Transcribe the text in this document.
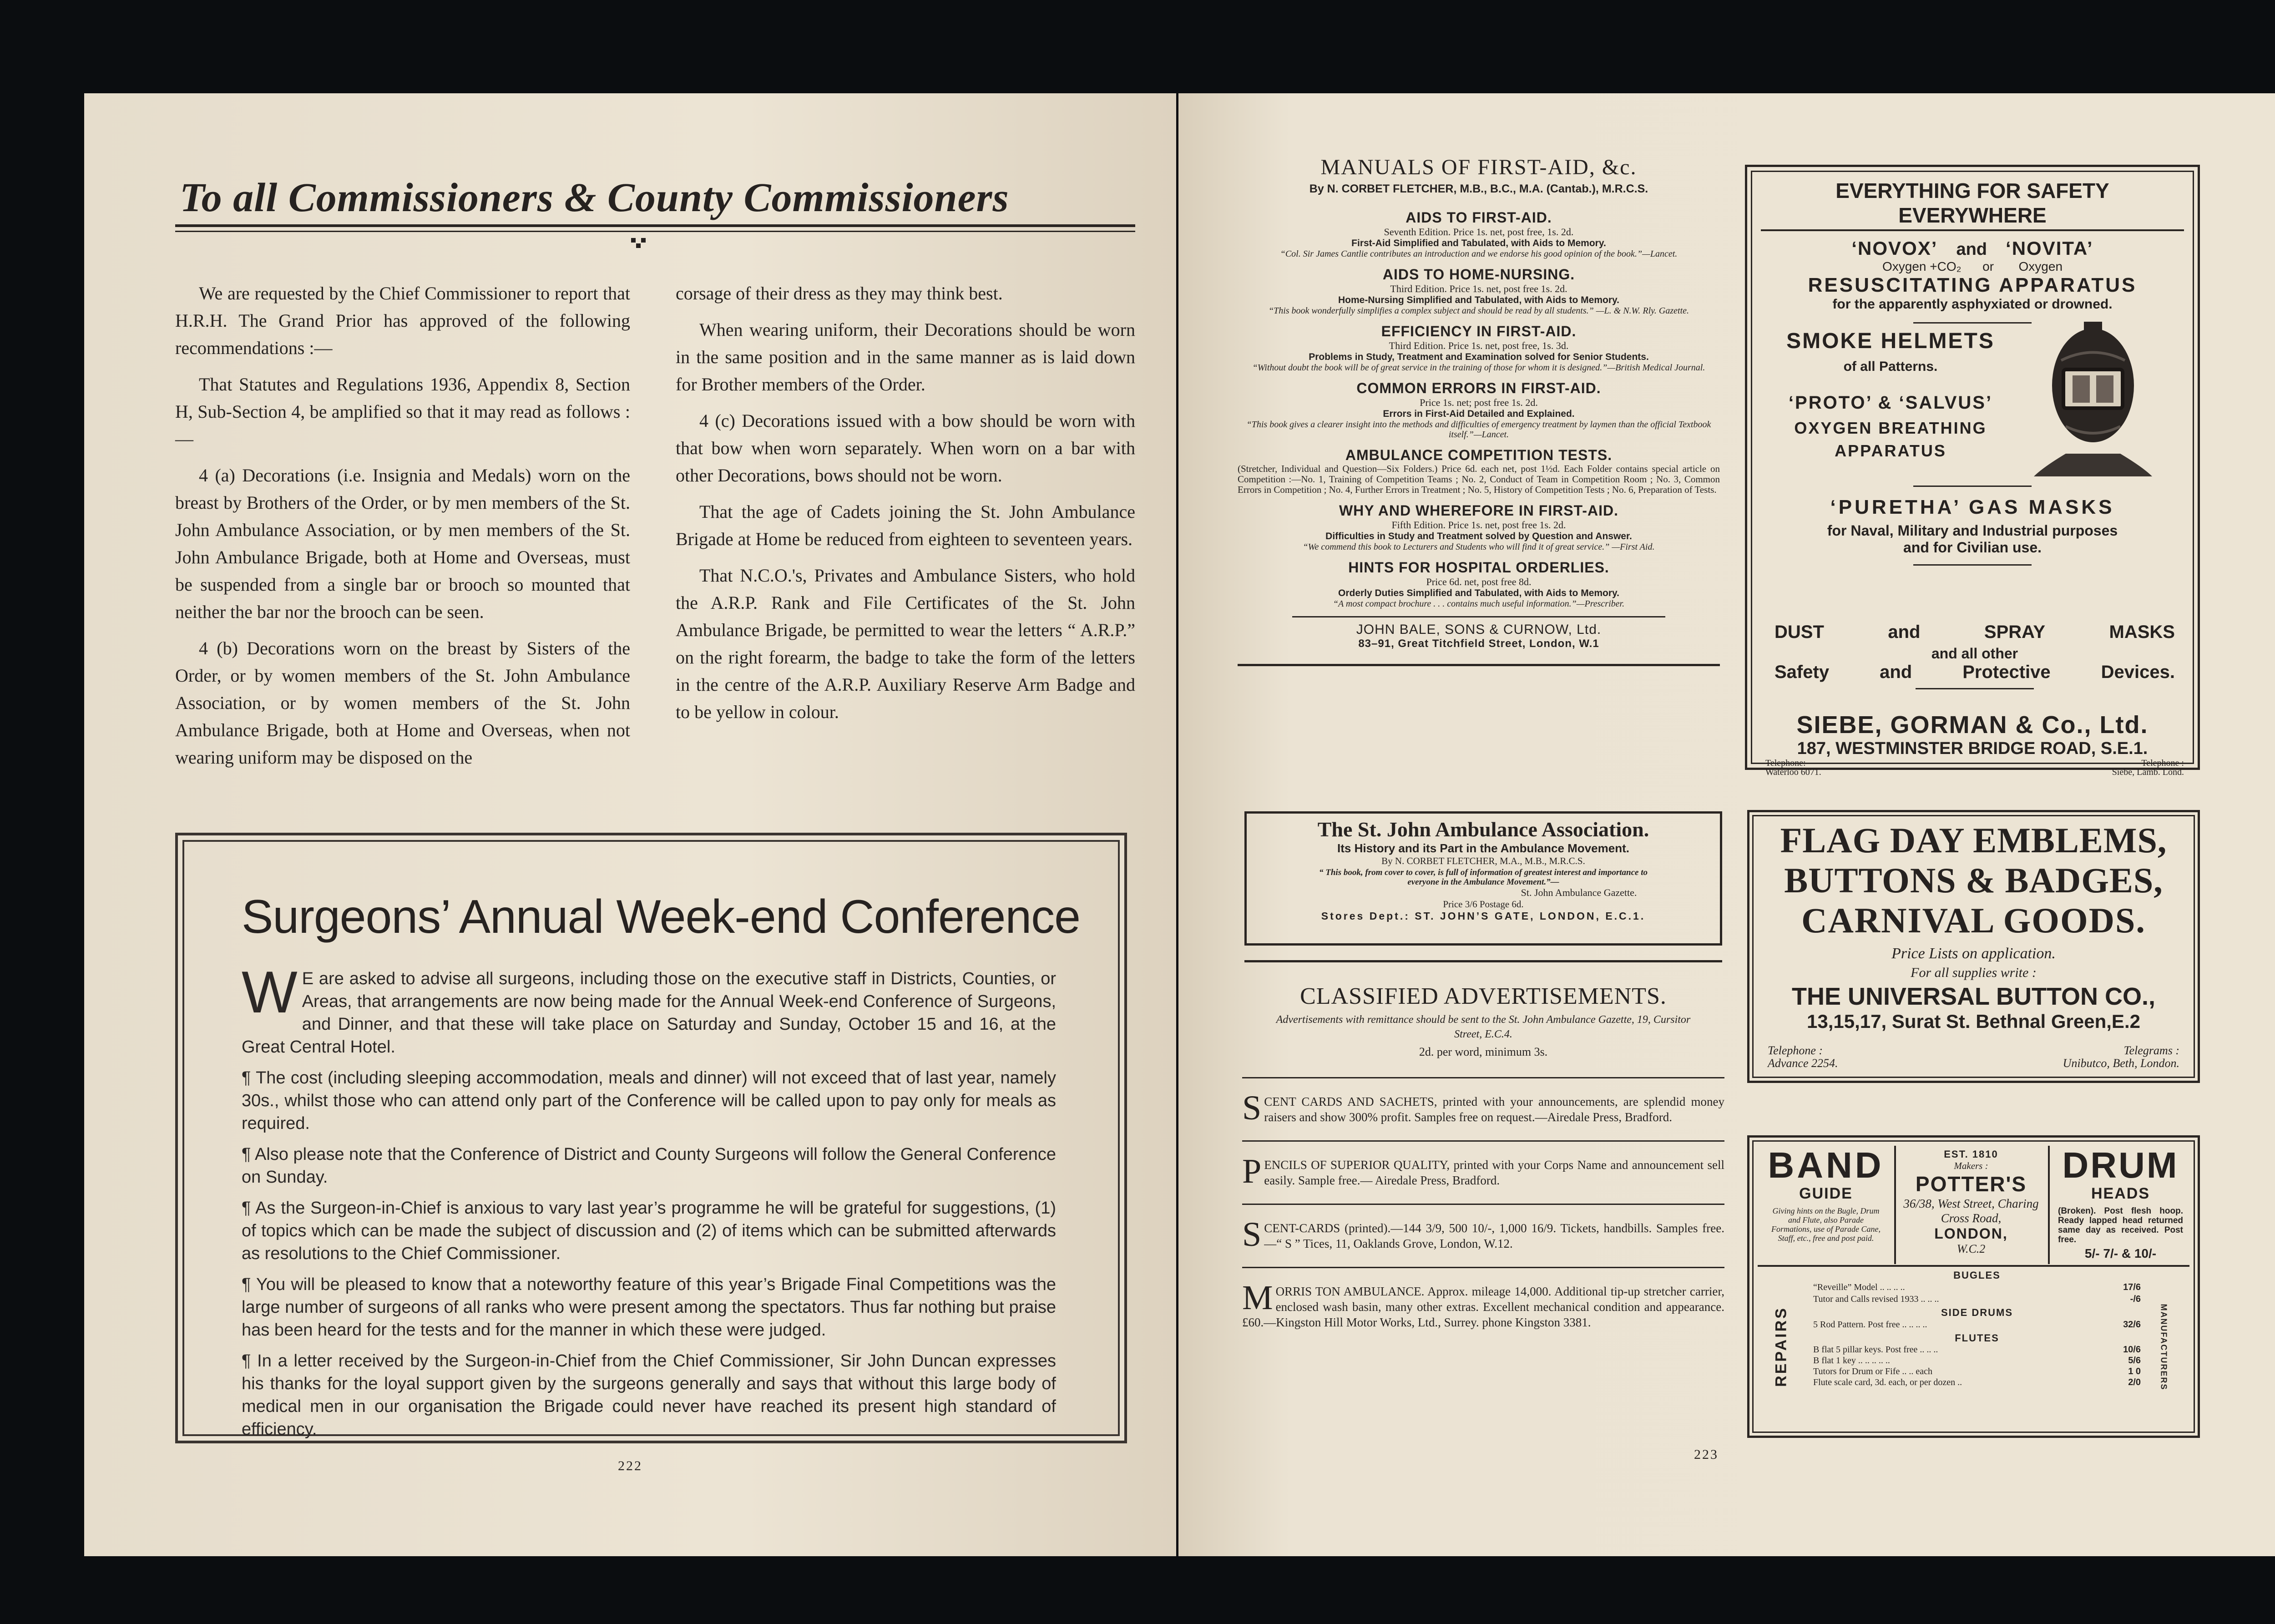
To all Commissioners & County Commissioners

We are requested by the Chief Commissioner to report that H.R.H. The Grand Prior has approved of the following recommendations :—

That Statutes and Regulations 1936, Appendix 8, Section H, Sub-Section 4, be amplified so that it may read as follows :—

4 (a) Decorations (i.e. Insignia and Medals) worn on the breast by Brothers of the Order, or by men members of the St. John Ambulance Association, or by men members of the St. John Ambulance Brigade, both at Home and Overseas, must be suspended from a single bar or brooch so mounted that neither the bar nor the brooch can be seen.

4 (b) Decorations worn on the breast by Sisters of the Order, or by women members of the St. John Ambulance Association, or by women members of the St. John Ambulance Brigade, both at Home and Overseas, when not wearing uniform may be disposed on the

corsage of their dress as they may think best.

When wearing uniform, their Decorations should be worn in the same position and in the same manner as is laid down for Brother members of the Order.

4 (c) Decorations issued with a bow should be worn with that bow when worn separately. When worn on a bar with other Decorations, bows should not be worn.

That the age of Cadets joining the St. John Ambulance Brigade at Home be reduced from eighteen to seventeen years.

That N.C.O.'s, Privates and Ambulance Sisters, who hold the A.R.P. Rank and File Certificates of the St. John Ambulance Brigade, be permitted to wear the letters “ A.R.P.” on the right forearm, the badge to take the form of the letters in the centre of the A.R.P. Auxiliary Reserve Arm Badge and to be yellow in colour.

Surgeons’ Annual Week-end Conference

W E are asked to advise all surgeons, including those on the executive staff in Districts, Counties, or Areas, that arrangements are now being made for the Annual Week-end Conference of Surgeons, and Dinner, and that these will take place on Saturday and Sunday, October 15 and 16, at the Great Central Hotel.

¶ The cost (including sleeping accommodation, meals and dinner) will not exceed that of last year, namely 30s., whilst those who can attend only part of the Conference will be called upon to pay only for meals as required.

¶ Also please note that the Conference of District and County Surgeons will follow the General Conference on Sunday.

¶ As the Surgeon-in-Chief is anxious to vary last year’s programme he will be grateful for suggestions, (1) of topics which can be made the subject of discussion and (2) of items which can be submitted afterwards as resolutions to the Chief Commissioner.

¶ You will be pleased to know that a noteworthy feature of this year’s Brigade Final Competitions was the large number of surgeons of all ranks who were present among the spectators. Thus far nothing but praise has been heard for the tests and for the manner in which these were judged.

¶ In a letter received by the Surgeon-in-Chief from the Chief Commissioner, Sir John Duncan expresses his thanks for the loyal support given by the surgeons generally and says that without this large body of medical men in our organisation the Brigade could never have reached its present high standard of efficiency.

222
MANUALS OF FIRST-AID, &c.
By N. CORBET FLETCHER, M.B., B.C., M.A. (Cantab.), M.R.C.S.
AIDS TO FIRST-AID.
Seventh Edition. Price 1s. net, post free, 1s. 2d.
First-Aid Simplified and Tabulated, with Aids to Memory.
“Col. Sir James Cantlie contributes an introduction and we endorse his good opinion of the book.”—Lancet.
AIDS TO HOME-NURSING.
Third Edition. Price 1s. net, post free 1s. 2d.
Home-Nursing Simplified and Tabulated, with Aids to Memory.
“This book wonderfully simplifies a complex subject and should be read by all students.” —L. & N.W. Rly. Gazette.
EFFICIENCY IN FIRST-AID.
Third Edition. Price 1s. net, post free, 1s. 3d.
Problems in Study, Treatment and Examination solved for Senior Students.
“Without doubt the book will be of great service in the training of those for whom it is designed.”—British Medical Journal.
COMMON ERRORS IN FIRST-AID.
Price 1s. net; post free 1s. 2d.
Errors in First-Aid Detailed and Explained.
“This book gives a clearer insight into the methods and difficulties of emergency treatment by laymen than the official Textbook itself.”—Lancet.
AMBULANCE COMPETITION TESTS.
(Stretcher, Individual and Question—Six Folders.) Price 6d. each net, post 1½d. Each Folder contains special article on Competition :—No. 1, Training of Competition Teams ; No. 2, Conduct of Team in Competition Room ; No. 3, Common Errors in Competition ; No. 4, Further Errors in Treatment ; No. 5, History of Competition Tests ; No. 6, Preparation of Tests.
WHY AND WHEREFORE IN FIRST-AID.
Fifth Edition. Price 1s. net, post free 1s. 2d.
Difficulties in Study and Treatment solved by Question and Answer.
“We commend this book to Lecturers and Students who will find it of great service.” —First Aid.
HINTS FOR HOSPITAL ORDERLIES.
Price 6d. net, post free 8d.
Orderly Duties Simplified and Tabulated, with Aids to Memory.
“A most compact brochure . . . contains much useful information.”—Prescriber.
JOHN BALE, SONS & CURNOW, Ltd.
83–91, Great Titchfield Street, London, W.1
The St. John Ambulance Association.
Its History and its Part in the Ambulance Movement.
By N. CORBET FLETCHER, M.A., M.B., M.R.C.S.
“ This book, from cover to cover, is full of information of greatest interest and importance to everyone in the Ambulance Movement.”—
St. John Ambulance Gazette.
Price 3/6 Postage 6d.
Stores Dept.: ST. JOHN’S GATE, LONDON, E.C.1.
CLASSIFIED ADVERTISEMENTS.
Advertisements with remittance should be sent to the St. John Ambulance Gazette, 19, Cursitor Street, E.C.4.
2d. per word, minimum 3s.
SCENT CARDS AND SACHETS, printed with your announcements, are splendid money raisers and show 300% profit. Samples free on request.—Airedale Press, Bradford.
PENCILS OF SUPERIOR QUALITY, printed with your Corps Name and announcement sell easily. Sample free.— Airedale Press, Bradford.
SCENT-CARDS (printed).—144 3/9, 500 10/-, 1,000 16/9. Tickets, handbills. Samples free.—“ S ” Tices, 11, Oaklands Grove, London, W.12.
MORRIS TON AMBULANCE. Approx. mileage 14,000. Additional tip-up stretcher carrier, enclosed wash basin, many other extras. Excellent mechanical condition and appearance. £60.—Kingston Hill Motor Works, Ltd., Surrey. phone Kingston 3381.
EVERYTHING FOR SAFETY EVERYWHERE
‘NOVOX’ and ‘NOVITA’
Oxygen +CO₂ or Oxygen
RESUSCITATING APPARATUS
for the apparently asphyxiated or drowned.
SMOKE HELMETS
of all Patterns.
‘PROTO’ & ‘SALVUS’
OXYGEN BREATHING
APPARATUS
‘PURETHA’ GAS MASKS
for Naval, Military and Industrial purposes
and for Civilian use.
DUST	and	SPRAY	MASKS
and all other
Safety	and	Protective	Devices.
SIEBE, GORMAN & Co., Ltd.
187, WESTMINSTER BRIDGE ROAD, S.E.1.
Telephone:
Waterloo 6071.
Telephone :
Siebe, Lamb. Lond.
FLAG DAY EMBLEMS,
BUTTONS & BADGES,
CARNIVAL GOODS.
Price Lists on application.
For all supplies write :
THE UNIVERSAL BUTTON CO.,
13,15,17, Surat St. Bethnal Green,E.2
Telephone :
Advance 2254.
Telegrams :
Unibutco, Beth, London.
BAND
GUIDE
Giving hints on the Bugle, Drum and Flute, also Parade Formations, use of Parade Cane, Staff, etc., free and post paid.
EST. 1810
Makers :
POTTER'S
36/38, West Street, Charing Cross Road,
LONDON,
W.C.2
DRUM
HEADS
(Broken). Post flesh hoop. Ready lapped head returned same day as received. Post free.
5/- 7/- & 10/-
REPAIRS	MANUFACTURERS
BUGLES
“Reveille” Model .. .. .. ..	17/6
Tutor and Calls revised 1933 .. .. ..	-/6
SIDE DRUMS
5 Rod Pattern. Post free .. .. .. ..	32/6
FLUTES
B flat 5 pillar keys. Post free .. .. ..	10/6
B flat 1 key .. .. .. .. ..	5/6
Tutors for Drum or Fife .. .. each	1 0
Flute scale card, 3d. each, or per dozen ..	2/0
223
